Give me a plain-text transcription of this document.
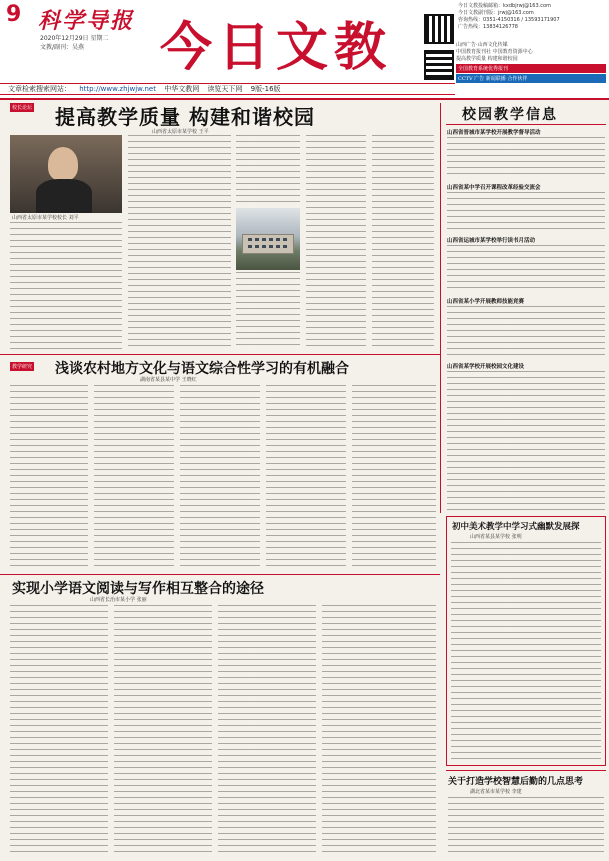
9 科学导报
2020年12月29日 星期二
文教/副刊：吴燕	今日文教
今日文教投稿邮箱：kxdbjrwj@163.com
今日文教副刊版：jrwj@163.com
咨询热线：0351-4150316 / 13593171907
广告热线：13834126778
山西广告·山西文化传媒
中国教育报刊社 中国教育资源中心
提高教学质量 构建和谐校园
全国教育系统优秀报刊
CCTV 广告 新闻联播 合作伙伴
文章检索搜索网站： http://www.zhjwjw.net 中华文教网 读览天下网 9版-16版
校长论坛 提高教学质量 构建和谐校园
山西省太原市某学校 王平
山西省太原市某学校校长 刘平
校园教学信息
山西省晋城市某学校开展教学督导活动
山西省某中学召开课程改革经验交流会
山西省运城市某学校举行读书月活动
山西省某小学开展教师技能竞赛
山西省某学校开展校园文化建设
教学研究 浅谈农村地方文化与语文综合性学习的有机融合
湖南省某县某中学 王晓红
初中美术教学中学习式幽默发展探
山西省某县某学校 张明
实现小学语文阅读与写作相互整合的途径
山西省长治市某小学 张丽
关于打造学校智慧后勤的几点思考
湖北省某市某学校 李建
